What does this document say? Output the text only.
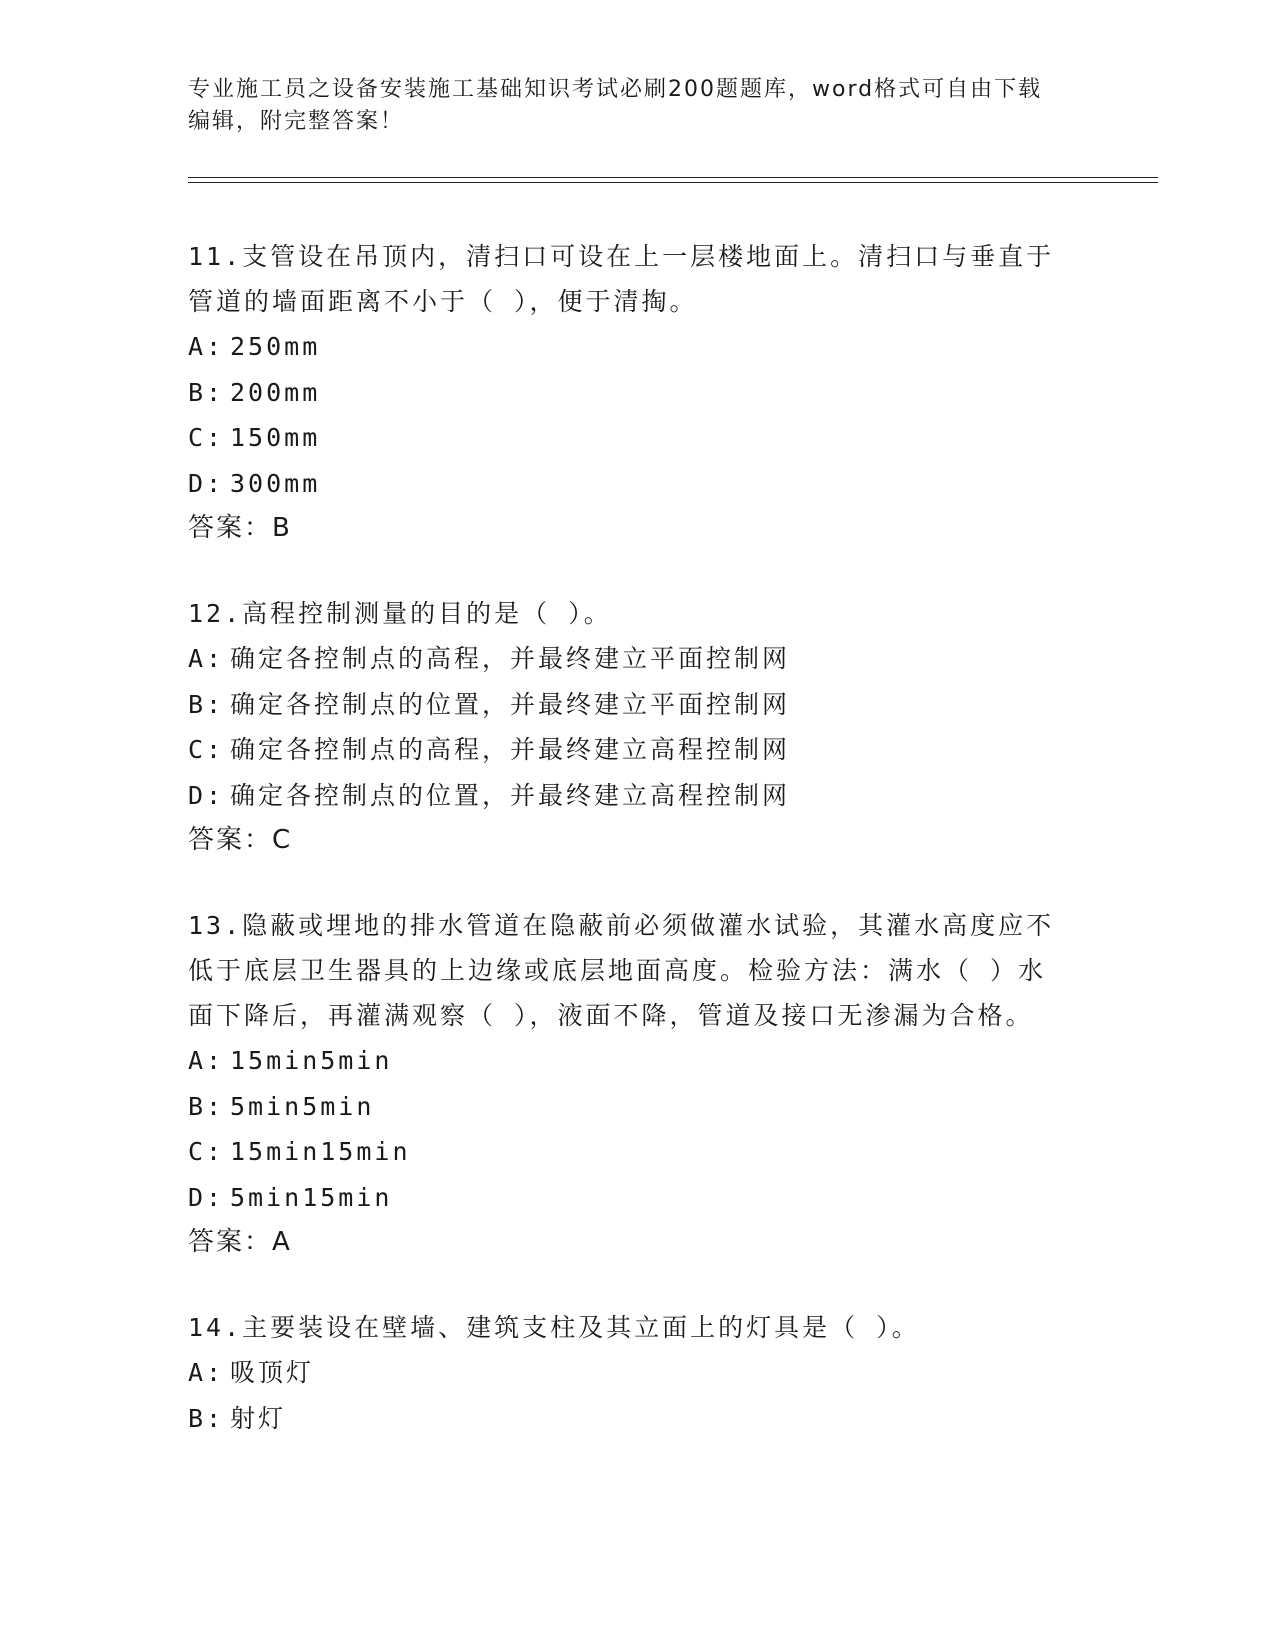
专业施工员之设备安装施工基础知识考试必刷200题题库，word格式可自由下载
编辑，附完整答案！
11.支管设在吊顶内，清扫口可设在上一层楼地面上。清扫口与垂直于
管道的墙面距离不小于（ ），便于清掏。
A: 250mm
B: 200mm
C: 150mm
D: 300mm
答案：B
12.高程控制测量的目的是（ ）。
A: 确定各控制点的高程，并最终建立平面控制网
B: 确定各控制点的位置，并最终建立平面控制网
C: 确定各控制点的高程，并最终建立高程控制网
D: 确定各控制点的位置，并最终建立高程控制网
答案：C
13.隐蔽或埋地的排水管道在隐蔽前必须做灌水试验，其灌水高度应不
低于底层卫生器具的上边缘或底层地面高度。检验方法：满水（ ）水
面下降后，再灌满观察（ ），液面不降，管道及接口无渗漏为合格。
A: 15min5min
B: 5min5min
C: 15min15min
D: 5min15min
答案：A
14.主要装设在壁墙、建筑支柱及其立面上的灯具是（ ）。
A: 吸顶灯
B: 射灯
